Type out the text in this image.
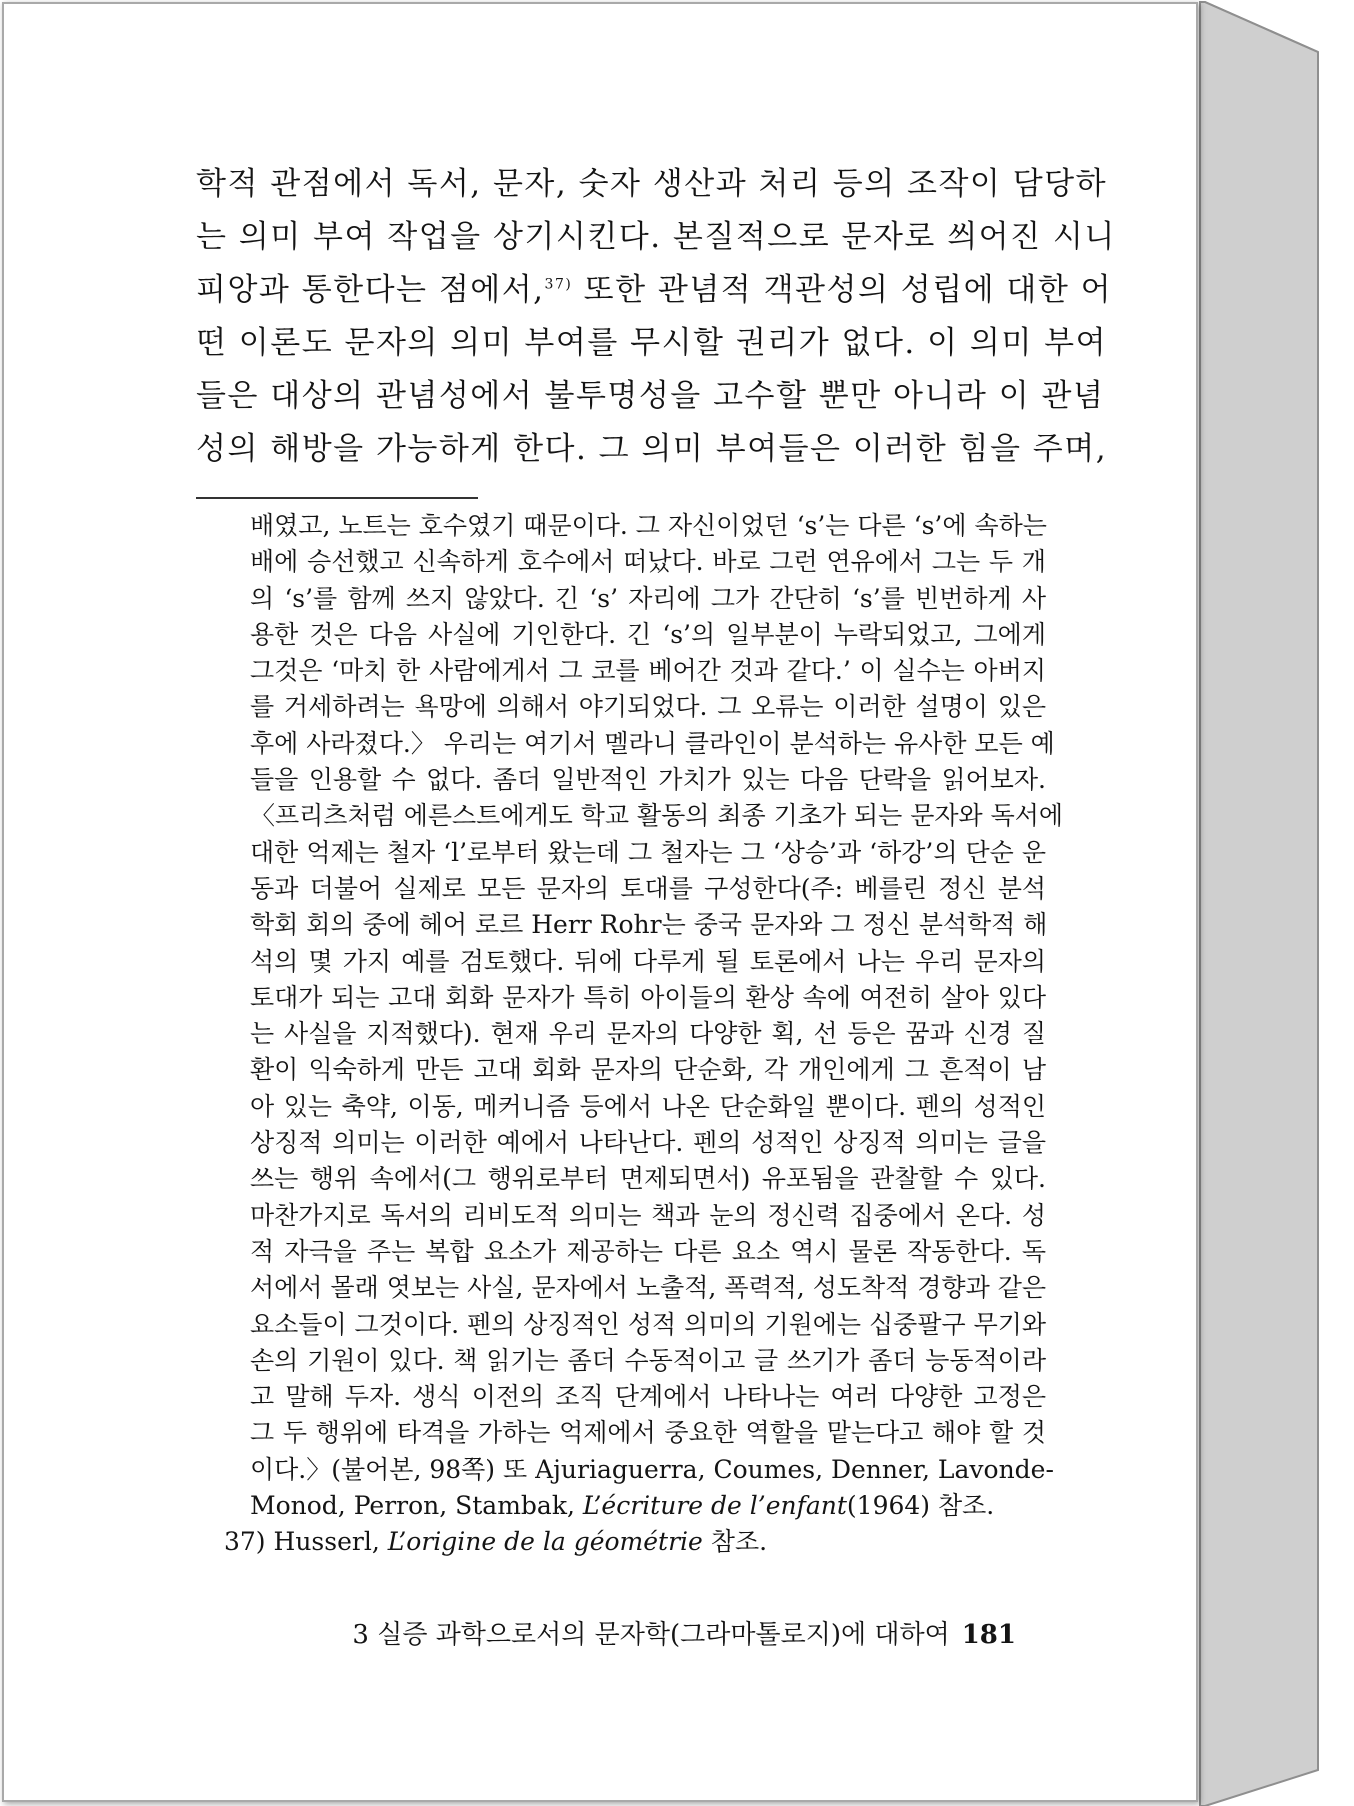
학적 관점에서 독서, 문자, 숫자 생산과 처리 등의 조작이 담당하
는 의미 부여 작업을 상기시킨다. 본질적으로 문자로 씌어진 시니
피앙과 통한다는 점에서,$^{37)}$ 또한 관념적 객관성의 성립에 대한 어
떤 이론도 문자의 의미 부여를 무시할 권리가 없다. 이 의미 부여
들은 대상의 관념성에서 불투명성을 고수할 뿐만 아니라 이 관념
성의 해방을 가능하게 한다. 그 의미 부여들은 이러한 힘을 주며,

배였고, 노트는 호수였기 때문이다. 그 자신이었던 ‘s’는 다른 ‘s’에 속하는
배에 승선했고 신속하게 호수에서 떠났다. 바로 그런 연유에서 그는 두 개
의 ‘s’를 함께 쓰지 않았다. 긴 ‘s’ 자리에 그가 간단히 ‘s’를 빈번하게 사
용한 것은 다음 사실에 기인한다. 긴 ‘s’의 일부분이 누락되었고, 그에게
그것은 ‘마치 한 사람에게서 그 코를 베어간 것과 같다.’ 이 실수는 아버지
를 거세하려는 욕망에 의해서 야기되었다. 그 오류는 이러한 설명이 있은
후에 사라졌다.〉 우리는 여기서 멜라니 클라인이 분석하는 유사한 모든 예
들을 인용할 수 없다. 좀더 일반적인 가치가 있는 다음 단락을 읽어보자.
〈프리츠처럼 에른스트에게도 학교 활동의 최종 기초가 되는 문자와 독서에
대한 억제는 철자 ‘l’로부터 왔는데 그 철자는 그 ‘상승’과 ‘하강’의 단순 운
동과 더불어 실제로 모든 문자의 토대를 구성한다(주: 베를린 정신 분석
학회 회의 중에 헤어 로르 Herr Rohr는 중국 문자와 그 정신 분석학적 해
석의 몇 가지 예를 검토했다. 뒤에 다루게 될 토론에서 나는 우리 문자의
토대가 되는 고대 회화 문자가 특히 아이들의 환상 속에 여전히 살아 있다
는 사실을 지적했다). 현재 우리 문자의 다양한 획, 선 등은 꿈과 신경 질
환이 익숙하게 만든 고대 회화 문자의 단순화, 각 개인에게 그 흔적이 남
아 있는 축약, 이동, 메커니즘 등에서 나온 단순화일 뿐이다. 펜의 성적인
상징적 의미는 이러한 예에서 나타난다. 펜의 성적인 상징적 의미는 글을
쓰는 행위 속에서(그 행위로부터 면제되면서) 유포됨을 관찰할 수 있다.
마찬가지로 독서의 리비도적 의미는 책과 눈의 정신력 집중에서 온다. 성
적 자극을 주는 복합 요소가 제공하는 다른 요소 역시 물론 작동한다. 독
서에서 몰래 엿보는 사실, 문자에서 노출적, 폭력적, 성도착적 경향과 같은
요소들이 그것이다. 펜의 상징적인 성적 의미의 기원에는 십중팔구 무기와
손의 기원이 있다. 책 읽기는 좀더 수동적이고 글 쓰기가 좀더 능동적이라
고 말해 두자. 생식 이전의 조직 단계에서 나타나는 여러 다양한 고정은
그 두 행위에 타격을 가하는 억제에서 중요한 역할을 맡는다고 해야 할 것
이다.〉(불어본, 98쪽) 또 Ajuriaguerra, Coumes, Denner, Lavonde-
Monod, Perron, Stambak, L’écriture de l’enfant(1964) 참조.
37) Husserl, L’origine de la géométrie 참조.
3 실증 과학으로서의 문자학(그라마톨로지)에 대하여 181
